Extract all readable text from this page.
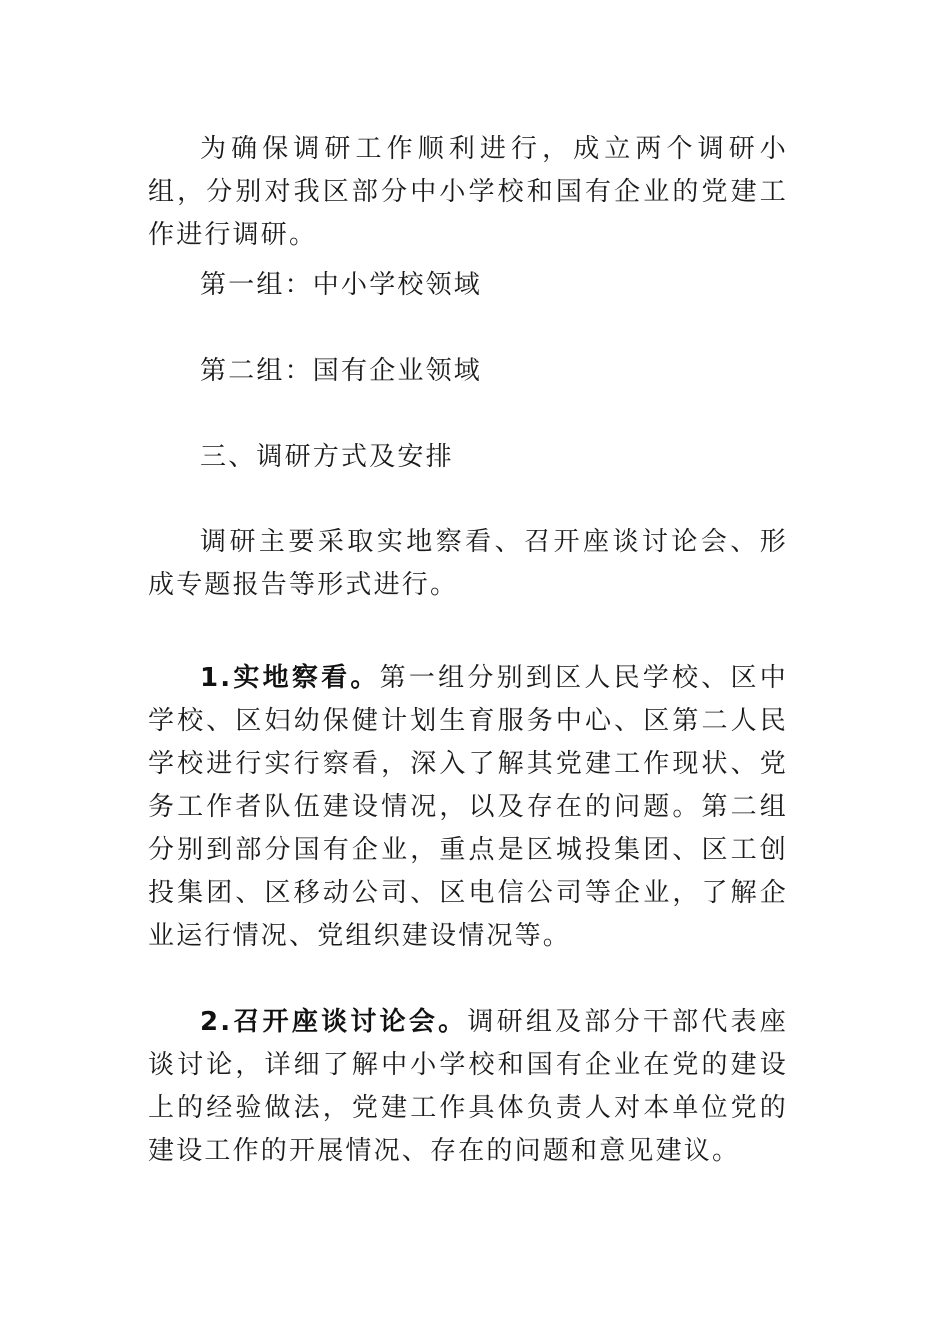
为确保调研工作顺利进行，成立两个调研小组，分别对我区部分中小学校和国有企业的党建工作进行调研。

第一组：中小学校领域

第二组：国有企业领域

三、调研方式及安排

调研主要采取实地察看、召开座谈讨论会、形成专题报告等形式进行。

1.实地察看。第一组分别到区人民学校、区中学校、区妇幼保健计划生育服务中心、区第二人民学校进行实行察看，深入了解其党建工作现状、党务工作者队伍建设情况，以及存在的问题。第二组分别到部分国有企业，重点是区城投集团、区工创投集团、区移动公司、区电信公司等企业，了解企业运行情况、党组织建设情况等。

2.召开座谈讨论会。调研组及部分干部代表座谈讨论，详细了解中小学校和国有企业在党的建设上的经验做法，党建工作具体负责人对本单位党的建设工作的开展情况、存在的问题和意见建议。
